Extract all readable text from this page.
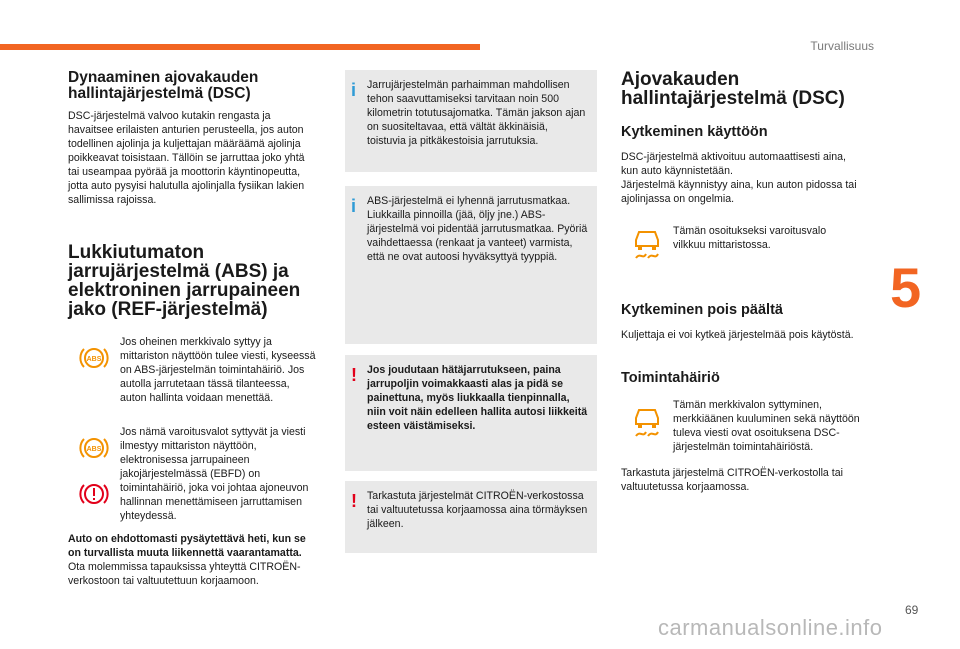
Turvallisuus
5
Dynaaminen ajovakauden hallintajärjestelmä (DSC)

DSC-järjestelmä valvoo kutakin rengasta ja havaitsee erilaisten anturien perusteella, jos auton todellinen ajolinja ja kuljettajan määräämä ajolinja poikkeavat toisistaan. Tällöin se jarruttaa joko yhtä tai useampaa pyörää ja moottorin käyntinopeutta, jotta auto pysyisi halutulla ajolinjalla fysiikan lakien sallimissa rajoissa.

Lukkiutumaton jarrujärjestelmä (ABS) ja elektroninen jarrupaineen jako (REF-järjestelmä)
ABS

Jos oheinen merkkivalo syttyy ja mittariston näyttöön tulee viesti, kyseessä on ABS-järjestelmän toimintahäiriö. Jos autolla jarrutetaan tässä tilanteessa, auton hallinta voidaan menettää.

ABS

Jos nämä varoitusvalot syttyvät ja viesti ilmestyy mittariston näyttöön, elektronisessa jarrupaineen jakojärjestelmässä (EBFD) on toimintahäiriö, joka voi johtaa ajoneuvon hallinnan menettämiseen jarruttamisen yhteydessä.

Auto on ehdottomasti pysäytettävä heti, kun se on turvallista muuta liikennettä vaarantamatta.

Ota molemmissa tapauksissa yhteyttä CITROËN-verkostoon tai valtuutettuun korjaamoon.

i Jarrujärjestelmän parhaimman mahdollisen tehon saavuttamiseksi tarvitaan noin 500 kilometrin totutusajomatka. Tämän jakson ajan on suositeltavaa, että vältät äkkinäisiä, toistuvia ja pitkäkestoisia jarrutuksia.
i ABS-järjestelmä ei lyhennä jarrutusmatkaa. Liukkailla pinnoilla (jää, öljy jne.) ABS-järjestelmä voi pidentää jarrutusmatkaa. Pyöriä vaihdettaessa (renkaat ja vanteet) varmista, että ne ovat autoosi hyväksyttyä tyyppiä.
! Jos joudutaan hätäjarrutukseen, paina jarrupoljin voimakkaasti alas ja pidä se painettuna, myös liukkaalla tienpinnalla, niin voit näin edelleen hallita autosi liikkeitä esteen väistämiseksi.
! Tarkastuta järjestelmät CITROËN-verkostossa tai valtuutetussa korjaamossa aina törmäyksen jälkeen.
Ajovakauden hallintajärjestelmä (DSC)
Kytkeminen käyttöön

DSC-järjestelmä aktivoituu automaattisesti aina, kun auto käynnistetään.
Järjestelmä käynnistyy aina, kun auton pidossa tai ajolinjassa on ongelmia.

Tämän osoitukseksi varoitusvalo vilkkuu mittaristossa.

Kytkeminen pois päältä

Kuljettaja ei voi kytkeä järjestelmää pois käytöstä.

Toimintahäiriö

Tämän merkkivalon syttyminen, merkkiäänen kuuluminen sekä näyttöön tuleva viesti ovat osoituksena DSC-järjestelmän toimintahäiriöstä.

Tarkastuta järjestelmä CITROËN-verkostolla tai valtuutetussa korjaamossa.

69
carmanualsonline.info
